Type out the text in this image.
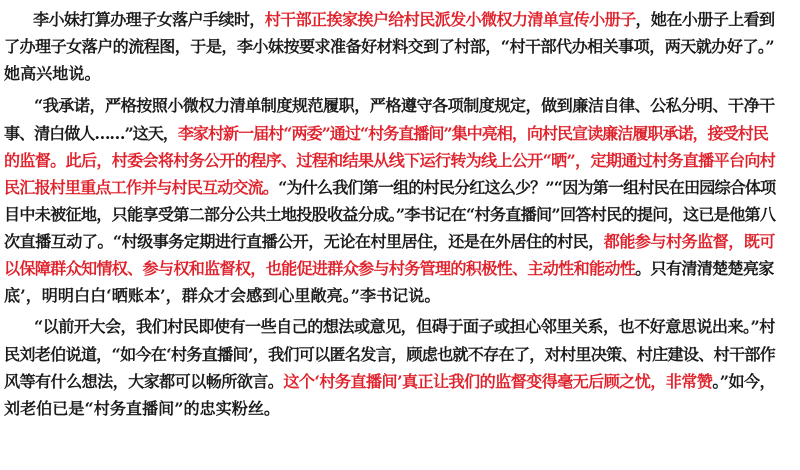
李小妹打算办理子女落户手续时，村干部正挨家挨户给村民派发小微权力清单宣传小册子，她在小册子上看到
了办理子女落户的流程图，于是，李小妹按要求准备好材料交到了村部，“村干部代办相关事项，两天就办好了。”
她高兴地说。
“我承诺，严格按照小微权力清单制度规范履职，严格遵守各项制度规定，做到廉洁自律、公私分明、干净干
事、清白做人……”这天，李家村新一届村“两委”通过“村务直播间”集中亮相，向村民宣读廉洁履职承诺，接受村民
的监督。此后，村委会将村务公开的程序、过程和结果从线下运行转为线上公开“晒”，定期通过村务直播平台向村
民汇报村里重点工作并与村民互动交流。“为什么我们第一组的村民分红这么少？”“因为第一组村民在田园综合体项
目中未被征地，只能享受第二部分公共土地投股收益分成。”李书记在“村务直播间”回答村民的提问，这已是他第八
次直播互动了。“村级事务定期进行直播公开，无论在村里居住，还是在外居住的村民，都能参与村务监督，既可
以保障群众知情权、参与权和监督权，也能促进群众参与村务管理的积极性、主动性和能动性。只有清清楚楚亮家
底’，明明白白‘晒账本’，群众才会感到心里敞亮。”李书记说。
“以前开大会，我们村民即使有一些自己的想法或意见，但碍于面子或担心邻里关系，也不好意思说出来。”村
民刘老伯说道，“如今在‘村务直播间’，我们可以匿名发言，顾虑也就不存在了，对村里决策、村庄建设、村干部作
风等有什么想法，大家都可以畅所欲言。这个‘村务直播间’真正让我们的监督变得毫无后顾之忧，非常赞。”如今，
刘老伯已是“村务直播间”的忠实粉丝。
